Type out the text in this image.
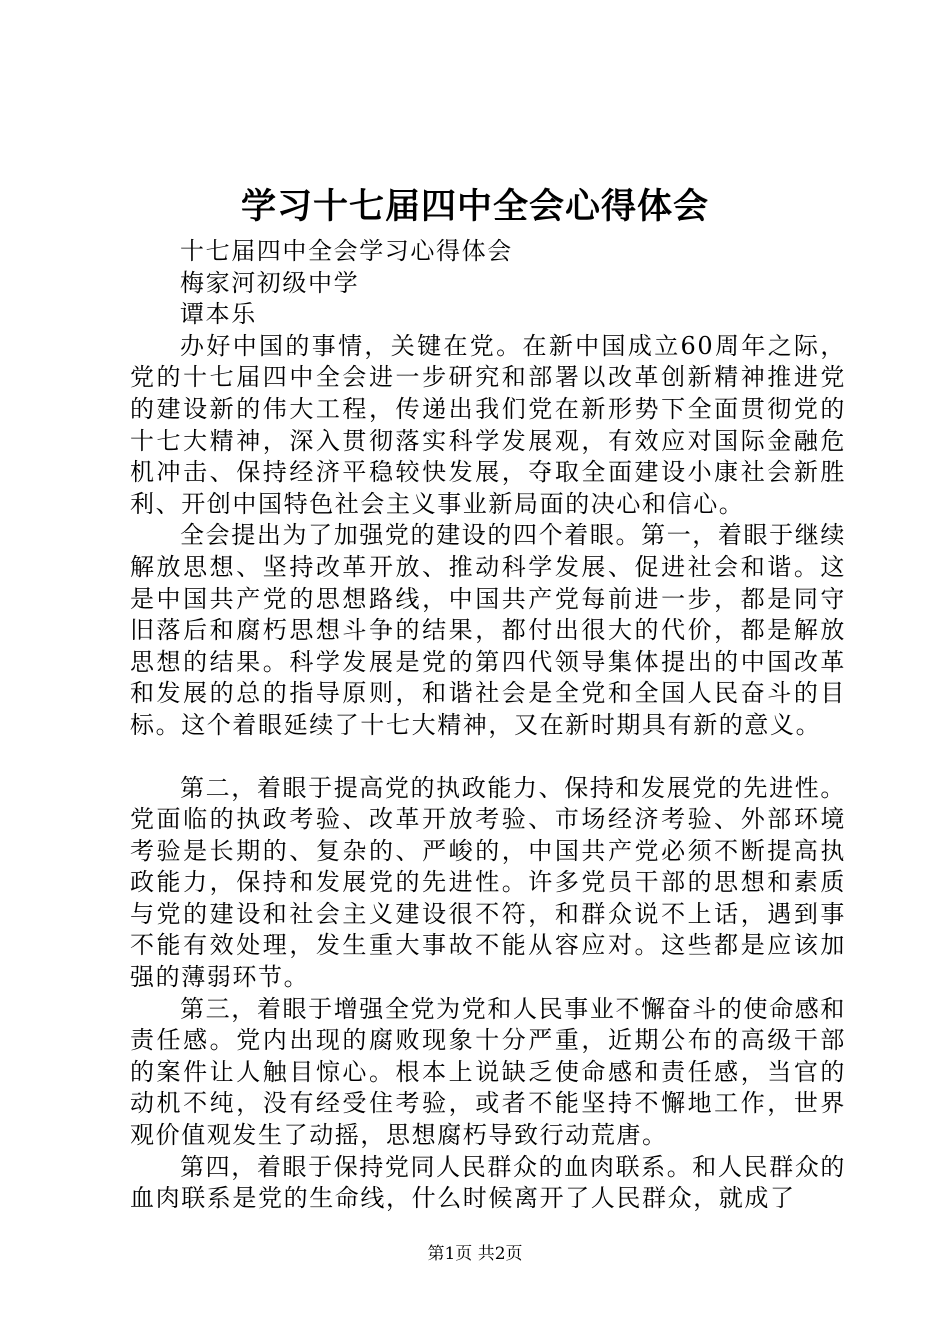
学习十七届四中全会心得体会

十七届四中全会学习心得体会

梅家河初级中学

谭本乐

办好中国的事情，关键在党。在新中国成立60周年之际，党的十七届四中全会进一步研究和部署以改革创新精神推进党的建设新的伟大工程，传递出我们党在新形势下全面贯彻党的十七大精神，深入贯彻落实科学发展观，有效应对国际金融危机冲击、保持经济平稳较快发展，夺取全面建设小康社会新胜利、开创中国特色社会主义事业新局面的决心和信心。

全会提出为了加强党的建设的四个着眼。第一，着眼于继续解放思想、坚持改革开放、推动科学发展、促进社会和谐。这是中国共产党的思想路线，中国共产党每前进一步，都是同守旧落后和腐朽思想斗争的结果，都付出很大的代价，都是解放思想的结果。科学发展是党的第四代领导集体提出的中国改革和发展的总的指导原则，和谐社会是全党和全国人民奋斗的目标。这个着眼延续了十七大精神，又在新时期具有新的意义。

第二，着眼于提高党的执政能力、保持和发展党的先进性。党面临的执政考验、改革开放考验、市场经济考验、外部环境考验是长期的、复杂的、严峻的，中国共产党必须不断提高执政能力，保持和发展党的先进性。许多党员干部的思想和素质与党的建设和社会主义建设很不符，和群众说不上话，遇到事不能有效处理，发生重大事故不能从容应对。这些都是应该加强的薄弱环节。

第三，着眼于增强全党为党和人民事业不懈奋斗的使命感和责任感。党内出现的腐败现象十分严重，近期公布的高级干部的案件让人触目惊心。根本上说缺乏使命感和责任感，当官的动机不纯，没有经受住考验，或者不能坚持不懈地工作，世界观价值观发生了动摇，思想腐朽导致行动荒唐。

第四，着眼于保持党同人民群众的血肉联系。和人民群众的血肉联系是党的生命线，什么时候离开了人民群众，就成了

第1页 共2页
